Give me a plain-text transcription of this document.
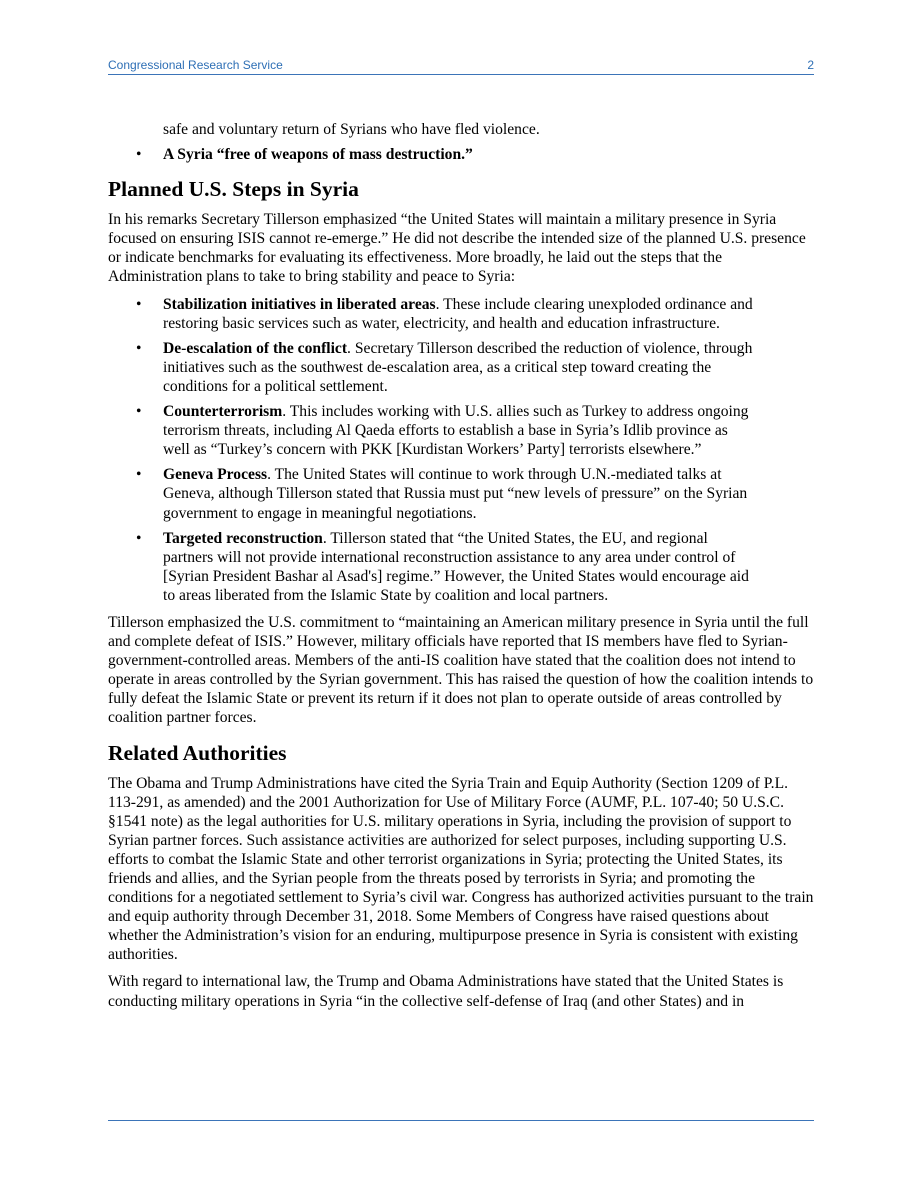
Congressional Research Service	2

safe and voluntary return of Syrians who have fled violence.

• A Syria “free of weapons of mass destruction.”
Planned U.S. Steps in Syria

In his remarks Secretary Tillerson emphasized “the United States will maintain a military presence in Syria focused on ensuring ISIS cannot re-emerge.” He did not describe the intended size of the planned U.S. presence or indicate benchmarks for evaluating its effectiveness. More broadly, he laid out the steps that the Administration plans to take to bring stability and peace to Syria:

• Stabilization initiatives in liberated areas. These include clearing unexploded ordinance and restoring basic services such as water, electricity, and health and education infrastructure.
• De-escalation of the conflict. Secretary Tillerson described the reduction of violence, through initiatives such as the southwest de-escalation area, as a critical step toward creating the conditions for a political settlement.
• Counterterrorism. This includes working with U.S. allies such as Turkey to address ongoing terrorism threats, including Al Qaeda efforts to establish a base in Syria’s Idlib province as well as “Turkey’s concern with PKK [Kurdistan Workers’ Party] terrorists elsewhere.”
• Geneva Process. The United States will continue to work through U.N.-mediated talks at Geneva, although Tillerson stated that Russia must put “new levels of pressure” on the Syrian government to engage in meaningful negotiations.
• Targeted reconstruction. Tillerson stated that “the United States, the EU, and regional partners will not provide international reconstruction assistance to any area under control of [Syrian President Bashar al Asad's] regime.” However, the United States would encourage aid to areas liberated from the Islamic State by coalition and local partners.

Tillerson emphasized the U.S. commitment to “maintaining an American military presence in Syria until the full and complete defeat of ISIS.” However, military officials have reported that IS members have fled to Syrian-government-controlled areas. Members of the anti-IS coalition have stated that the coalition does not intend to operate in areas controlled by the Syrian government. This has raised the question of how the coalition intends to fully defeat the Islamic State or prevent its return if it does not plan to operate outside of areas controlled by coalition partner forces.

Related Authorities

The Obama and Trump Administrations have cited the Syria Train and Equip Authority (Section 1209 of P.L. 113-291, as amended) and the 2001 Authorization for Use of Military Force (AUMF, P.L. 107-40; 50 U.S.C. §1541 note) as the legal authorities for U.S. military operations in Syria, including the provision of support to Syrian partner forces. Such assistance activities are authorized for select purposes, including supporting U.S. efforts to combat the Islamic State and other terrorist organizations in Syria; protecting the United States, its friends and allies, and the Syrian people from the threats posed by terrorists in Syria; and promoting the conditions for a negotiated settlement to Syria’s civil war. Congress has authorized activities pursuant to the train and equip authority through December 31, 2018. Some Members of Congress have raised questions about whether the Administration’s vision for an enduring, multipurpose presence in Syria is consistent with existing authorities.

With regard to international law, the Trump and Obama Administrations have stated that the United States is conducting military operations in Syria “in the collective self-defense of Iraq (and other States) and in
